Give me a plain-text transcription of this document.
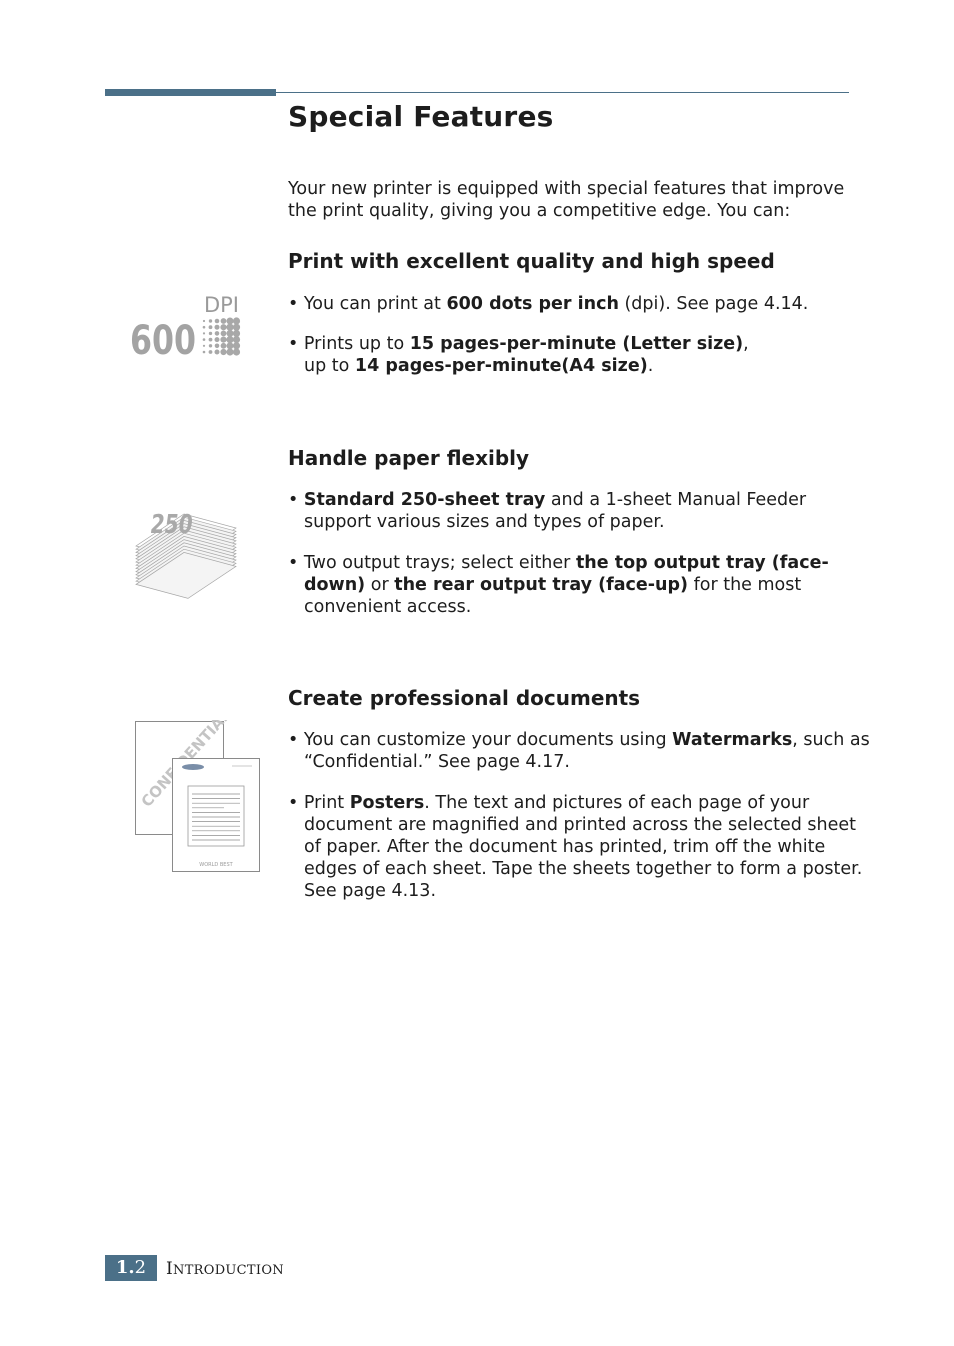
Special Features

Your new printer is equipped with special features that improve the print quality, giving you a competitive edge. You can:

Print with excellent quality and high speed
DPI
600

• You can print at 600 dots per inch (dpi). See page 4.14.

• Prints up to 15 pages-per-minute (Letter size),
up to 14 pages-per-minute(A4 size).

Handle paper flexibly
250

• Standard 250-sheet tray and a 1-sheet Manual Feeder support various sizes and types of paper.

• Two output trays; select either the top output tray (face-down) or the rear output tray (face-up) for the most convenient access.

Create professional documents
WORLD BEST

• You can customize your documents using Watermarks, such as “Confidential.” See page 4.17.

• Print Posters. The text and pictures of each page of your document are magnified and printed across the selected sheet of paper. After the document has printed, trim off the white edges of each sheet. Tape the sheets together to form a poster. See page 4.13.

1.2	INTRODUCTION
